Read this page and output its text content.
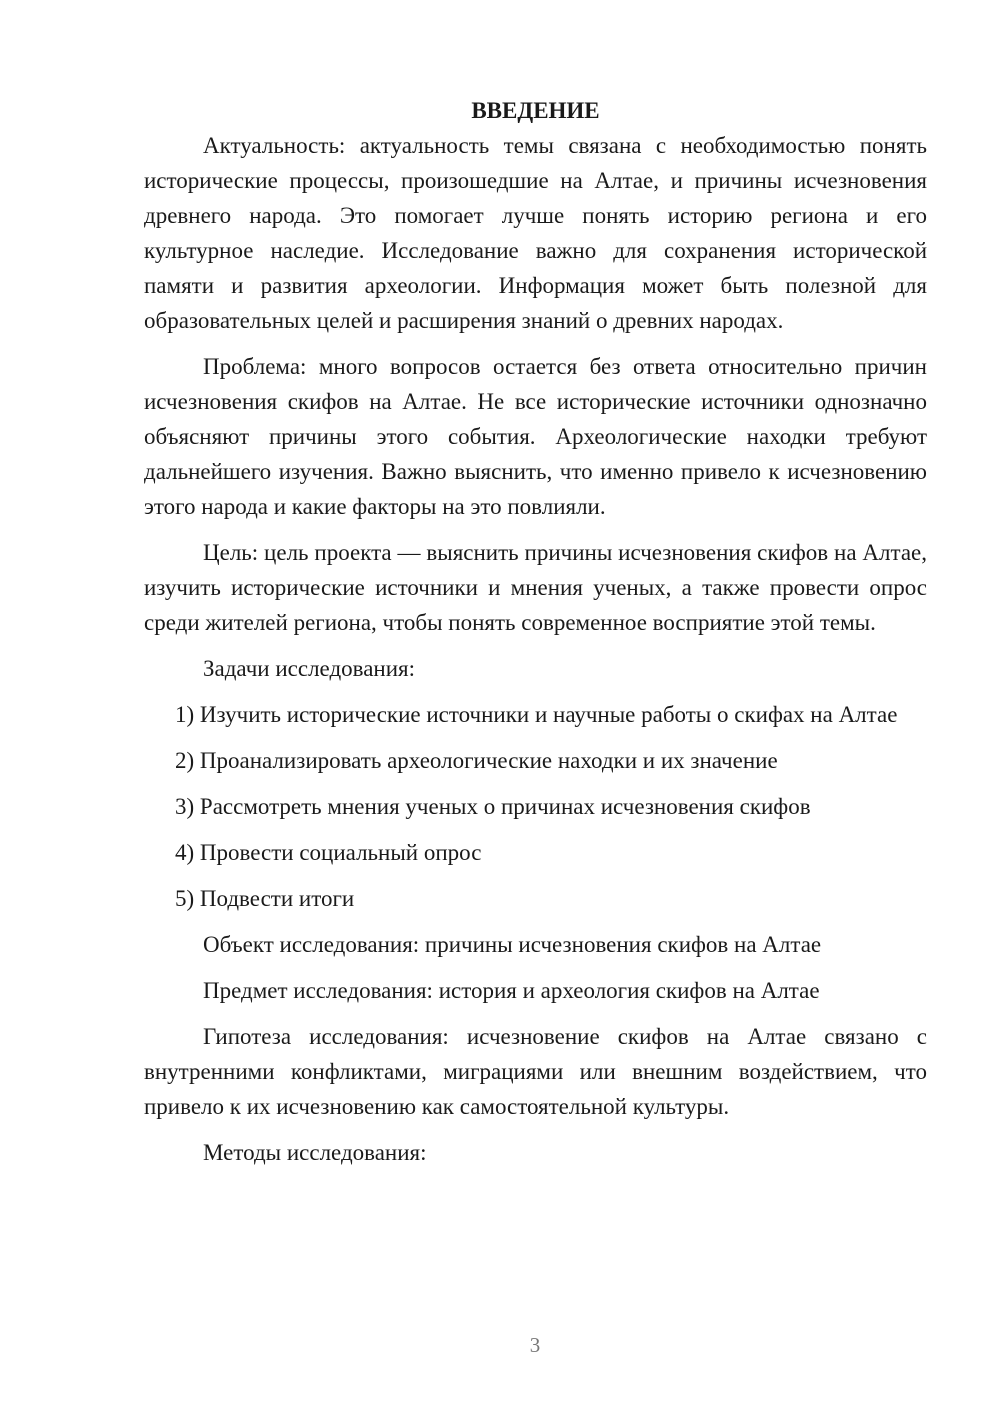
ВВЕДЕНИЕ

Актуальность: актуальность темы связана с необходимостью понять исторические процессы, произошедшие на Алтае, и причины исчезновения древнего народа. Это помогает лучше понять историю региона и его культурное наследие. Исследование важно для сохранения исторической памяти и развития археологии. Информация может быть полезной для образовательных целей и расширения знаний о древних народах.

Проблема: много вопросов остается без ответа относительно причин исчезновения скифов на Алтае. Не все исторические источники однозначно объясняют причины этого события. Археологические находки требуют дальнейшего изучения. Важно выяснить, что именно привело к исчезновению этого народа и какие факторы на это повлияли.

Цель: цель проекта — выяснить причины исчезновения скифов на Алтае, изучить исторические источники и мнения ученых, а также провести опрос среди жителей региона, чтобы понять современное восприятие этой темы.

Задачи исследования:

1) Изучить исторические источники и научные работы о скифах на Алтае

2) Проанализировать археологические находки и их значение

3) Рассмотреть мнения ученых о причинах исчезновения скифов

4) Провести социальный опрос

5) Подвести итоги

Объект исследования: причины исчезновения скифов на Алтае

Предмет исследования: история и археология скифов на Алтае

Гипотеза исследования: исчезновение скифов на Алтае связано с внутренними конфликтами, миграциями или внешним воздействием, что привело к их исчезновению как самостоятельной культуры.

Методы исследования:

3
